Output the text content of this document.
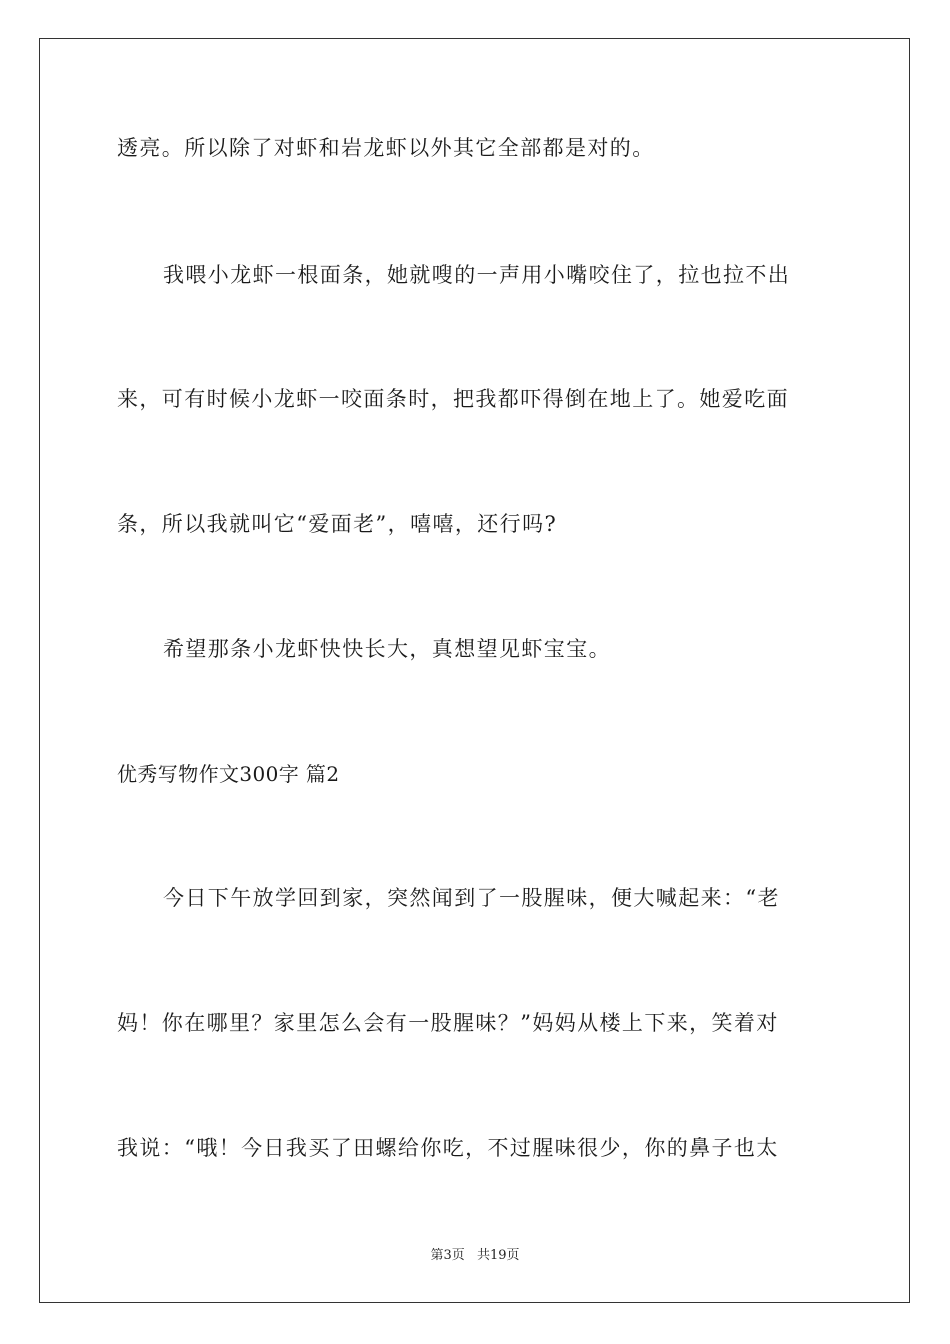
透亮。所以除了对虾和岩龙虾以外其它全部都是对的。
我喂小龙虾一根面条，她就嗖的一声用小嘴咬住了，拉也拉不出
来，可有时候小龙虾一咬面条时，把我都吓得倒在地上了。她爱吃面
条，所以我就叫它“爱面老”，嘻嘻，还行吗?
希望那条小龙虾快快长大，真想望见虾宝宝。
优秀写物作文300字 篇2
今日下午放学回到家，突然闻到了一股腥味，便大喊起来：“老
妈！你在哪里？家里怎么会有一股腥味？”妈妈从楼上下来，笑着对
我说：“哦！今日我买了田螺给你吃，不过腥味很少，你的鼻子也太
第3页 共19页
